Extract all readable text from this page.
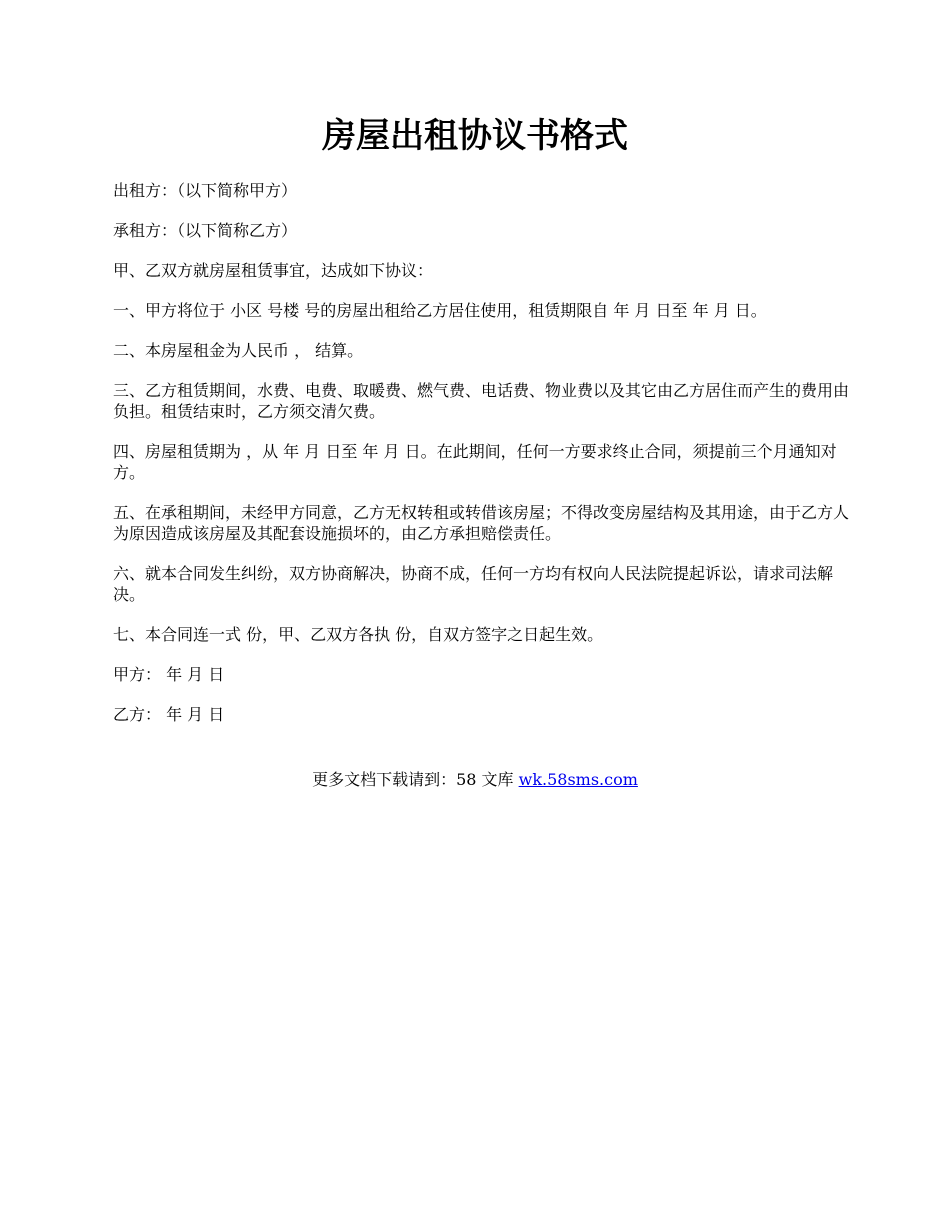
房屋出租协议书格式

出租方：（以下简称甲方）

承租方：（以下简称乙方）

甲、乙双方就房屋租赁事宜，达成如下协议：

一、甲方将位于 小区 号楼 号的房屋出租给乙方居住使用，租赁期限自 年 月 日至 年 月 日。

二、本房屋租金为人民币 ， 结算。

三、乙方租赁期间，水费、电费、取暖费、燃气费、电话费、物业费以及其它由乙方居住而产生的费用由 负担。租赁结束时，乙方须交清欠费。

四、房屋租赁期为 ，从 年 月 日至 年 月 日。在此期间，任何一方要求终止合同，须提前三个月通知对方。

五、在承租期间，未经甲方同意，乙方无权转租或转借该房屋；不得改变房屋结构及其用途，由于乙方人为原因造成该房屋及其配套设施损坏的，由乙方承担赔偿责任。

六、就本合同发生纠纷，双方协商解决，协商不成，任何一方均有权向人民法院提起诉讼，请求司法解决。

七、本合同连一式 份，甲、乙双方各执 份，自双方签字之日起生效。

甲方： 年 月 日

乙方： 年 月 日

更多文档下载请到：58 文库 wk.58sms.com
